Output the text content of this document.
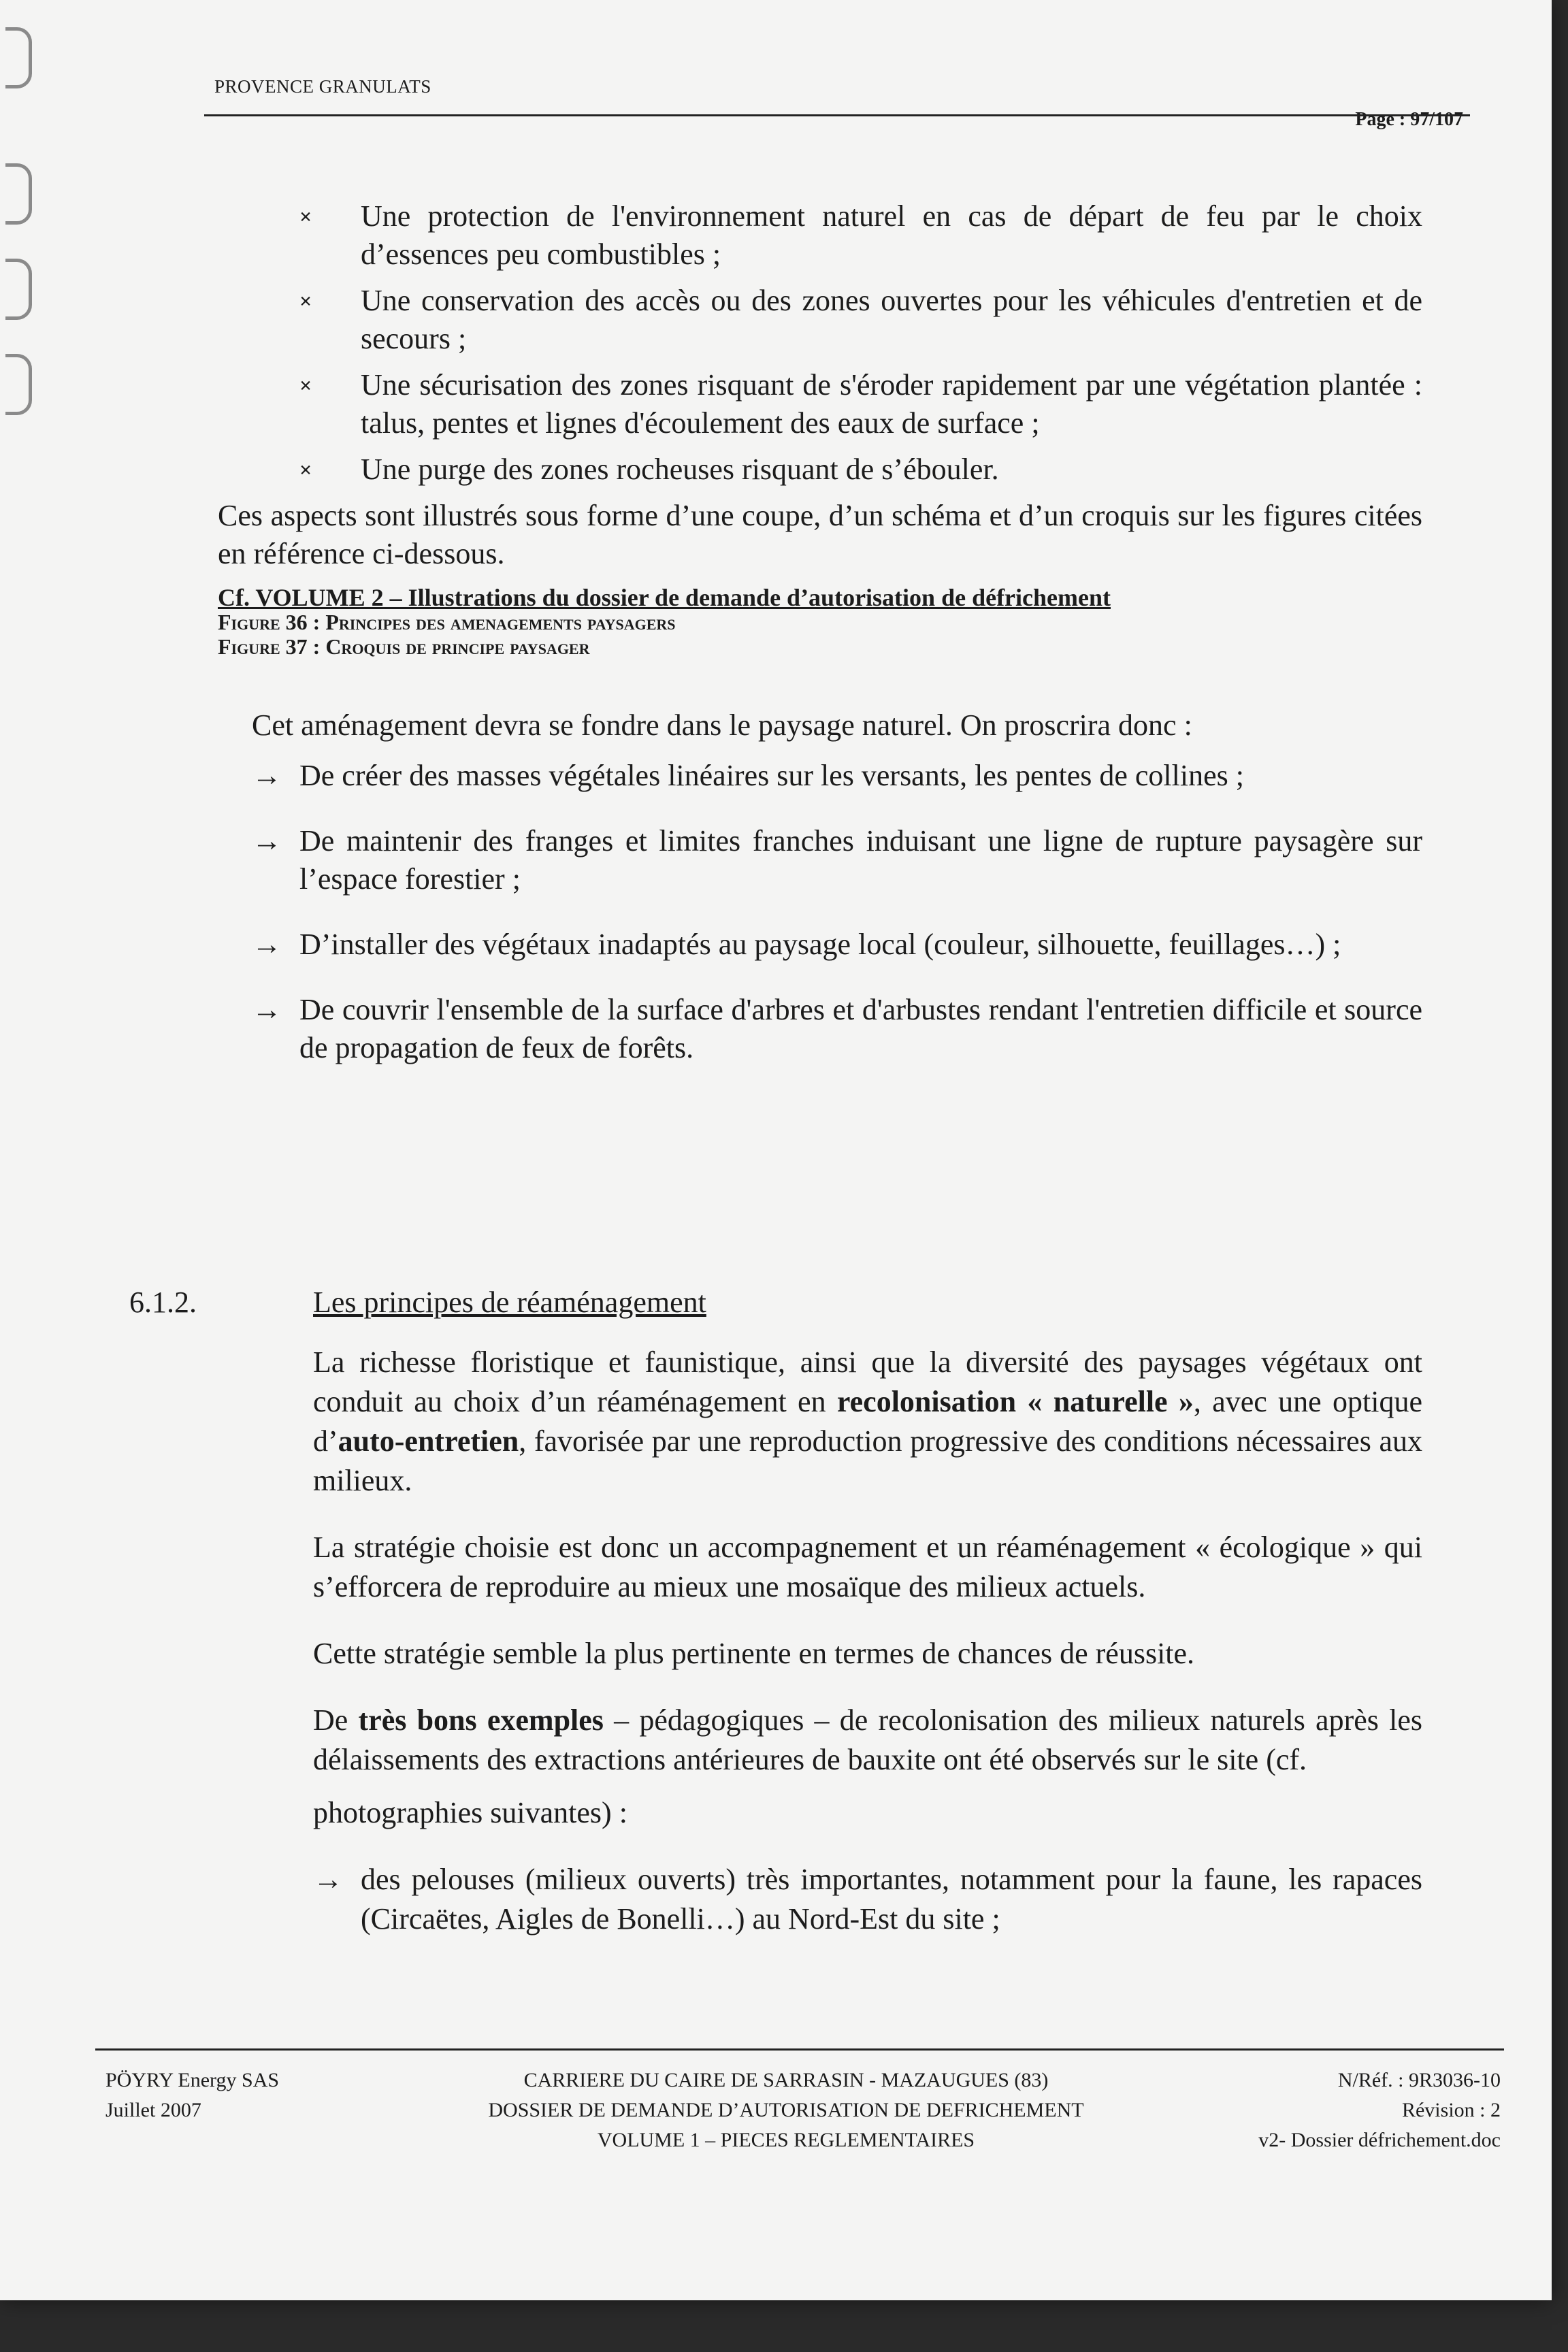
PROVENCE GRANULATS
Page : 97/107
× Une protection de l'environnement naturel en cas de départ de feu par le choix d’essences peu combustibles ;
× Une conservation des accès ou des zones ouvertes pour les véhicules d'entretien et de secours ;
× Une sécurisation des zones risquant de s'éroder rapidement par une végétation plantée : talus, pentes et lignes d'écoulement des eaux de surface ;
× Une purge des zones rocheuses risquant de s’ébouler.

Ces aspects sont illustrés sous forme d’une coupe, d’un schéma et d’un croquis sur les figures citées en référence ci-dessous.

Cf. VOLUME 2 – Illustrations du dossier de demande d’autorisation de défrichement
Figure 36 : Principes des amenagements paysagers
Figure 37 : Croquis de principe paysager

Cet aménagement devra se fondre dans le paysage naturel. On proscrira donc :

→ De créer des masses végétales linéaires sur les versants, les pentes de collines ;
→ De maintenir des franges et limites franches induisant une ligne de rupture paysagère sur l’espace forestier ;
→ D’installer des végétaux inadaptés au paysage local (couleur, silhouette, feuillages…) ;
→ De couvrir l'ensemble de la surface d'arbres et d'arbustes rendant l'entretien difficile et source de propagation de feux de forêts.
6.1.2.	Les principes de réaménagement

La richesse floristique et faunistique, ainsi que la diversité des paysages végétaux ont conduit au choix d’un réaménagement en recolonisation « naturelle », avec une optique d’auto-entretien, favorisée par une reproduction progressive des conditions nécessaires aux milieux.

La stratégie choisie est donc un accompagnement et un réaménagement « écologique » qui s’efforcera de reproduire au mieux une mosaïque des milieux actuels.

Cette stratégie semble la plus pertinente en termes de chances de réussite.

De très bons exemples – pédagogiques – de recolonisation des milieux naturels après les délaissements des extractions antérieures de bauxite ont été observés sur le site (cf.

photographies suivantes) :

→ des pelouses (milieux ouverts) très importantes, notamment pour la faune, les rapaces (Circaëtes, Aigles de Bonelli…) au Nord-Est du site ;
PÖYRY Energy SAS
Juillet 2007
CARRIERE DU CAIRE DE SARRASIN - MAZAUGUES (83)
DOSSIER DE DEMANDE D’AUTORISATION DE DEFRICHEMENT
VOLUME 1 – PIECES REGLEMENTAIRES
N/Réf. : 9R3036-10
Révision : 2
v2- Dossier défrichement.doc
